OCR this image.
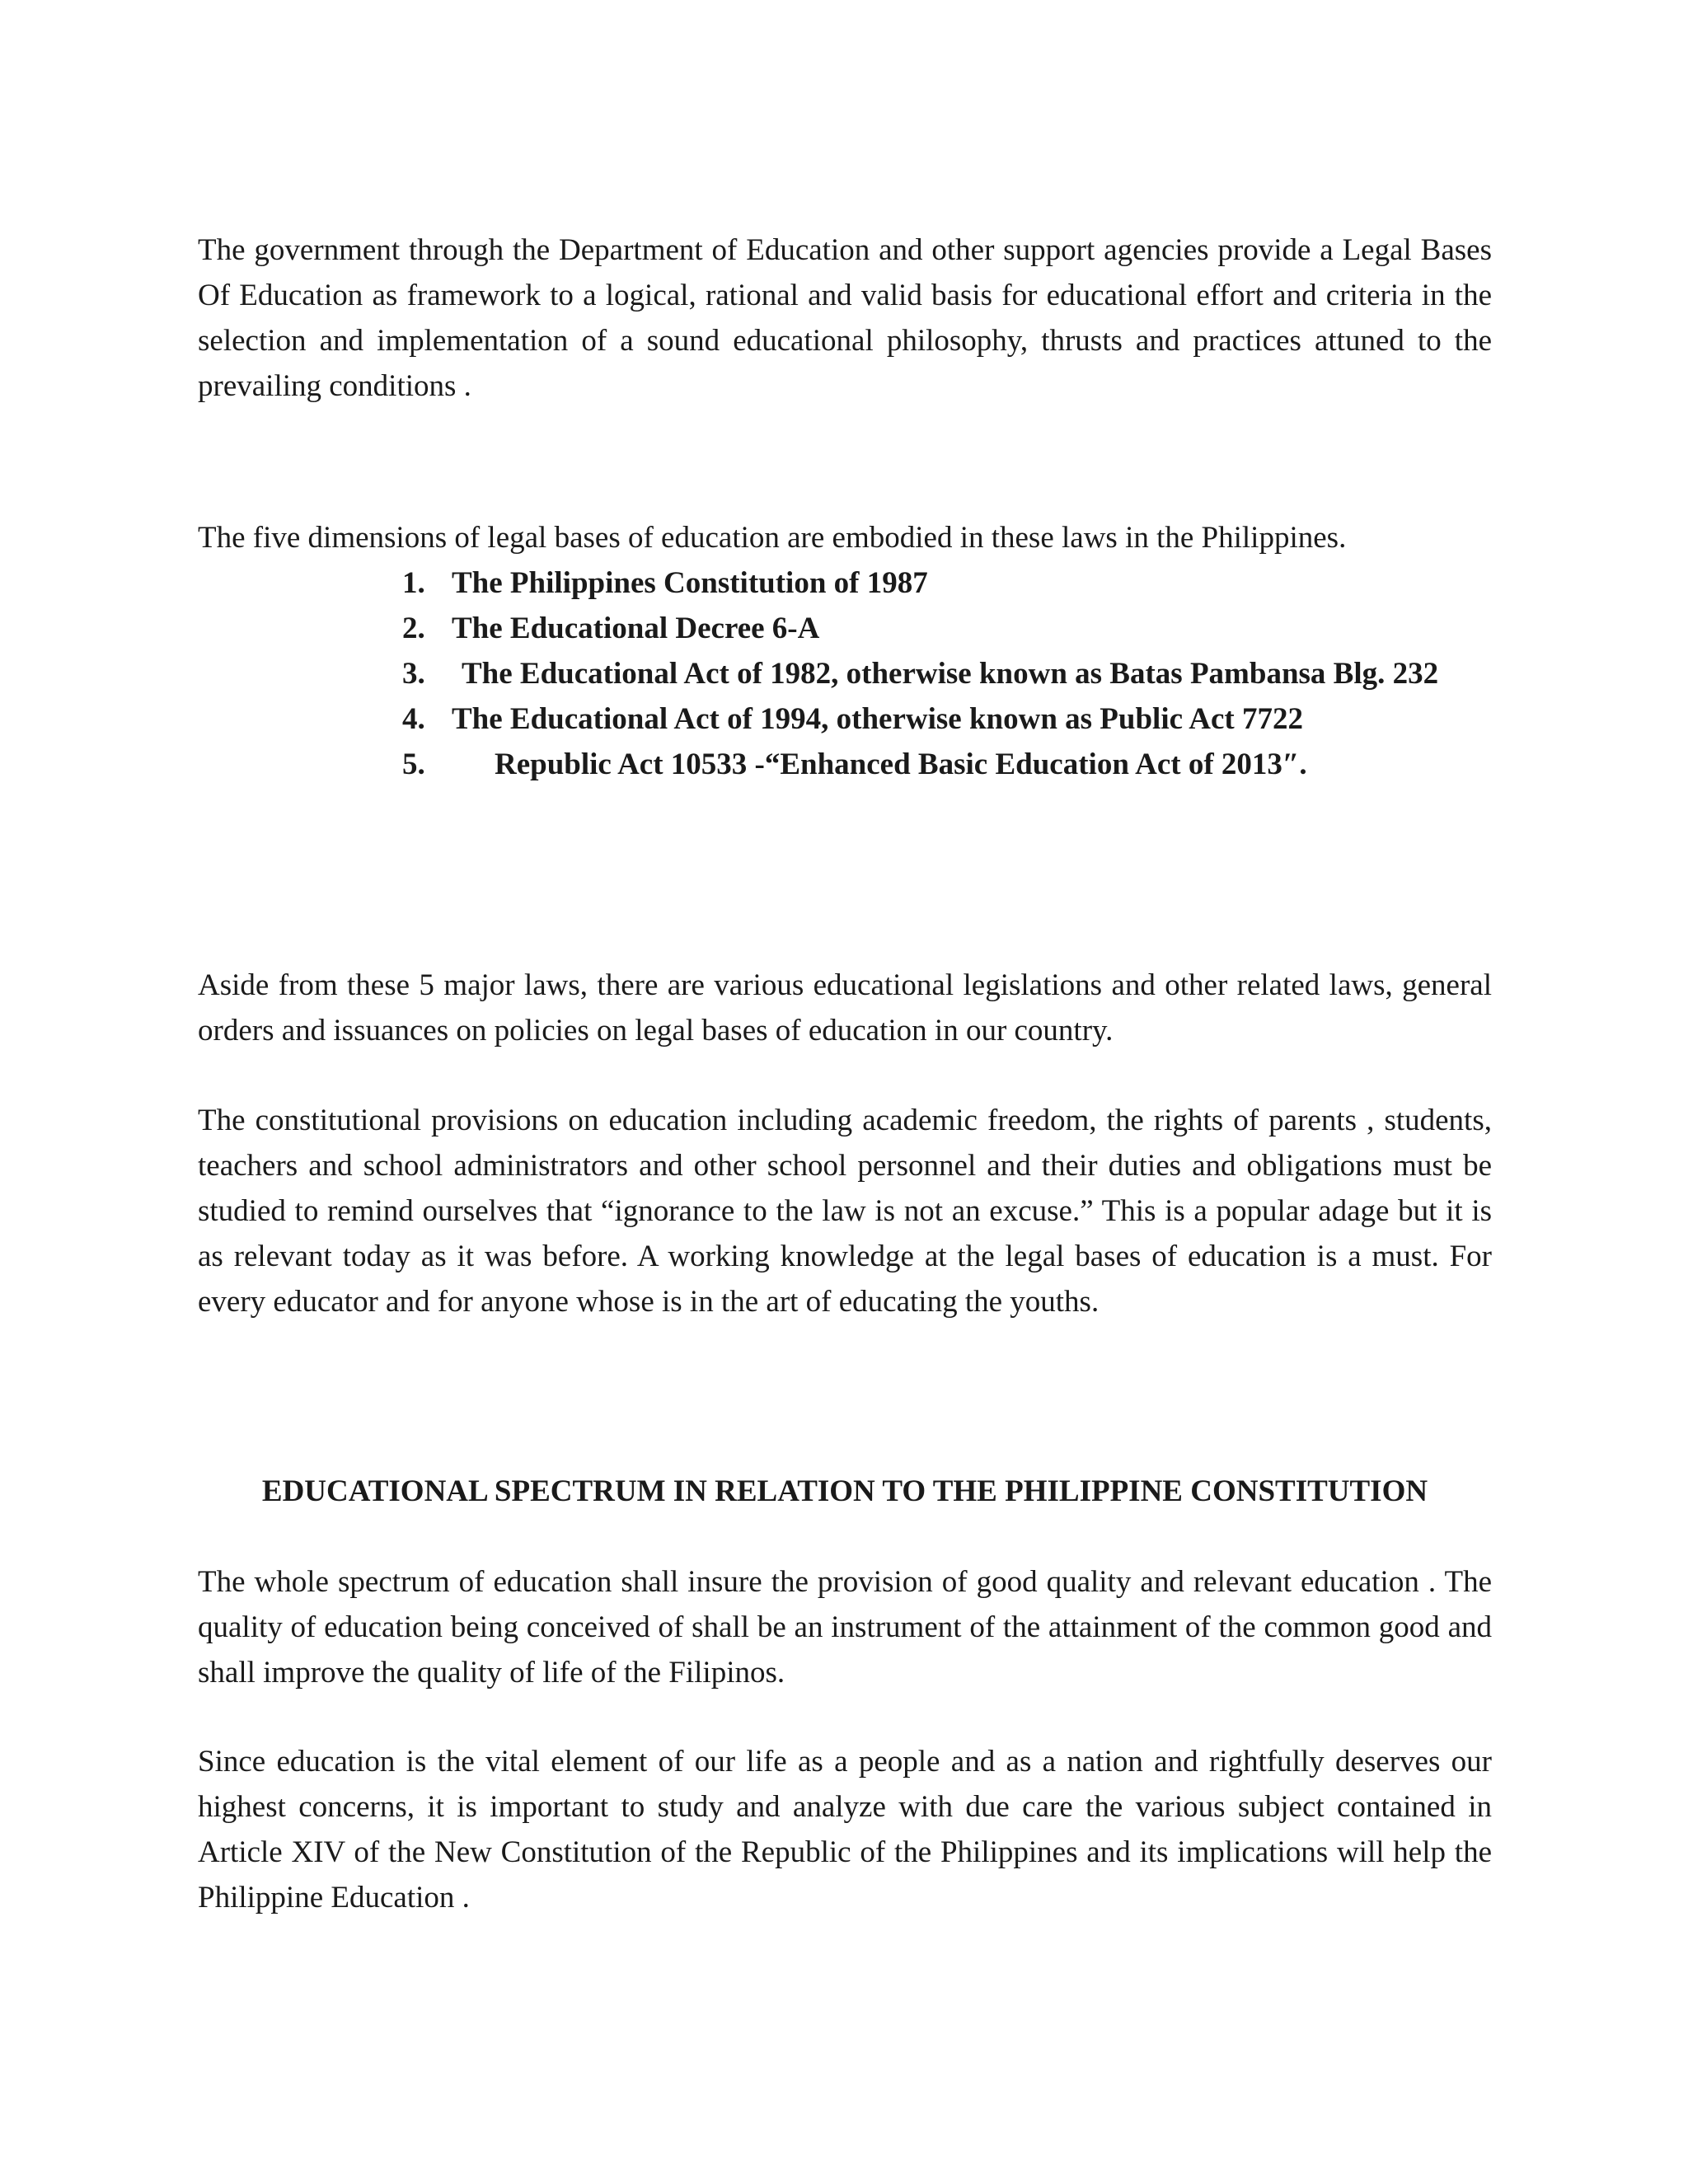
The government through the Department of Education and other support agencies provide a Legal Bases Of Education as framework to a logical, rational and valid basis for educational effort and criteria in the selection and implementation of a sound educational philosophy, thrusts and practices attuned to the prevailing conditions .

The five dimensions of legal bases of education are embodied in these laws in the Philippines.

1. The Philippines Constitution of 1987
2. The Educational Decree 6-A
3. The Educational Act of 1982, otherwise known as Batas Pambansa Blg. 232
4. The Educational Act of 1994, otherwise known as Public Act 7722
5. Republic Act 10533 -“Enhanced Basic Education Act of 2013″.

Aside from these 5 major laws, there are various educational legislations and other related laws, general orders and issuances on policies on legal bases of education in our country.

The constitutional provisions on education including academic freedom, the rights of parents , students, teachers and school administrators and other school personnel and their duties and obligations must be studied to remind ourselves that “ignorance to the law is not an excuse.” This is a popular adage but it is as relevant today as it was before. A working knowledge at the legal bases of education is a must. For every educator and for anyone whose is in the art of educating the youths.

EDUCATIONAL SPECTRUM IN RELATION TO THE PHILIPPINE CONSTITUTION

The whole spectrum of education shall insure the provision of good quality and relevant education . The quality of education being conceived of shall be an instrument of the attainment of the common good and shall improve the quality of life of the Filipinos.

Since education is the vital element of our life as a people and as a nation and rightfully deserves our highest concerns, it is important to study and analyze with due care the various subject contained in Article XIV of the New Constitution of the Republic of the Philippines and its implications will help the Philippine Education .
